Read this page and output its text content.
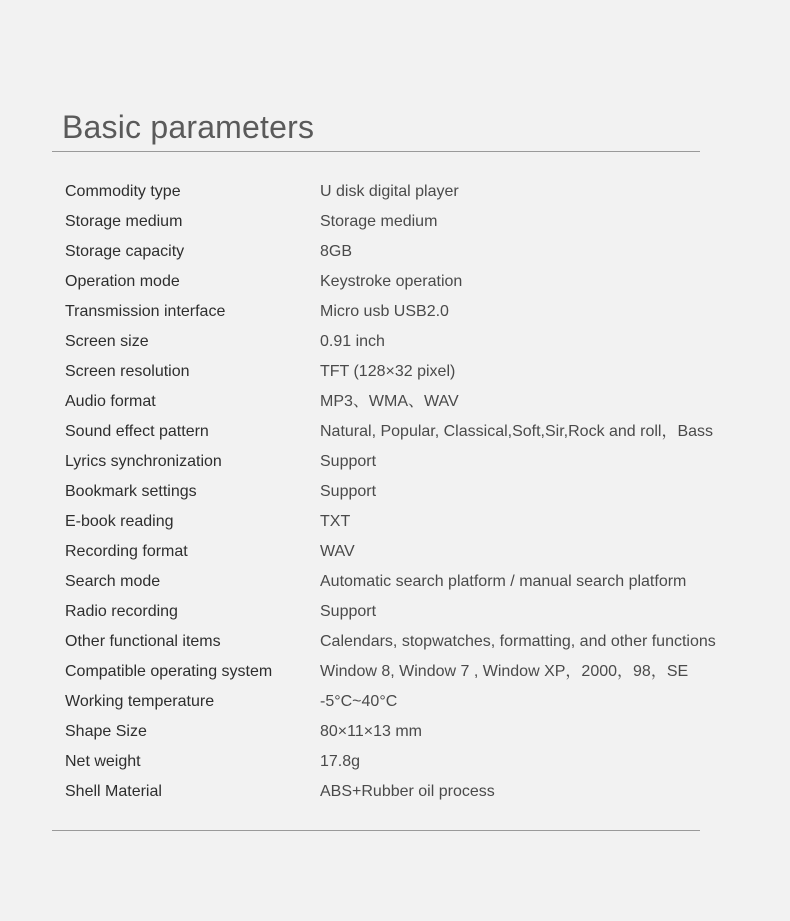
Basic parameters
Commodity type	U disk digital player
Storage medium	Storage medium
Storage capacity	8GB
Operation mode	Keystroke operation
Transmission interface	Micro usb USB2.0
Screen size	0.91 inch
Screen resolution	TFT (128×32 pixel)
Audio format	MP3、WMA、WAV
Sound effect pattern	Natural, Popular, Classical,Soft,Sir,Rock and roll，Bass
Lyrics synchronization	Support
Bookmark settings	Support
E-book reading	TXT
Recording format	WAV
Search mode	Automatic search platform / manual search platform
Radio recording	Support
Other functional items	Calendars, stopwatches, formatting, and other functions
Compatible operating system	Window 8, Window 7 , Window XP，2000，98，SE
Working temperature	-5°C~40°C
Shape Size	80×11×13 mm
Net weight	17.8g
Shell Material	ABS+Rubber oil process
